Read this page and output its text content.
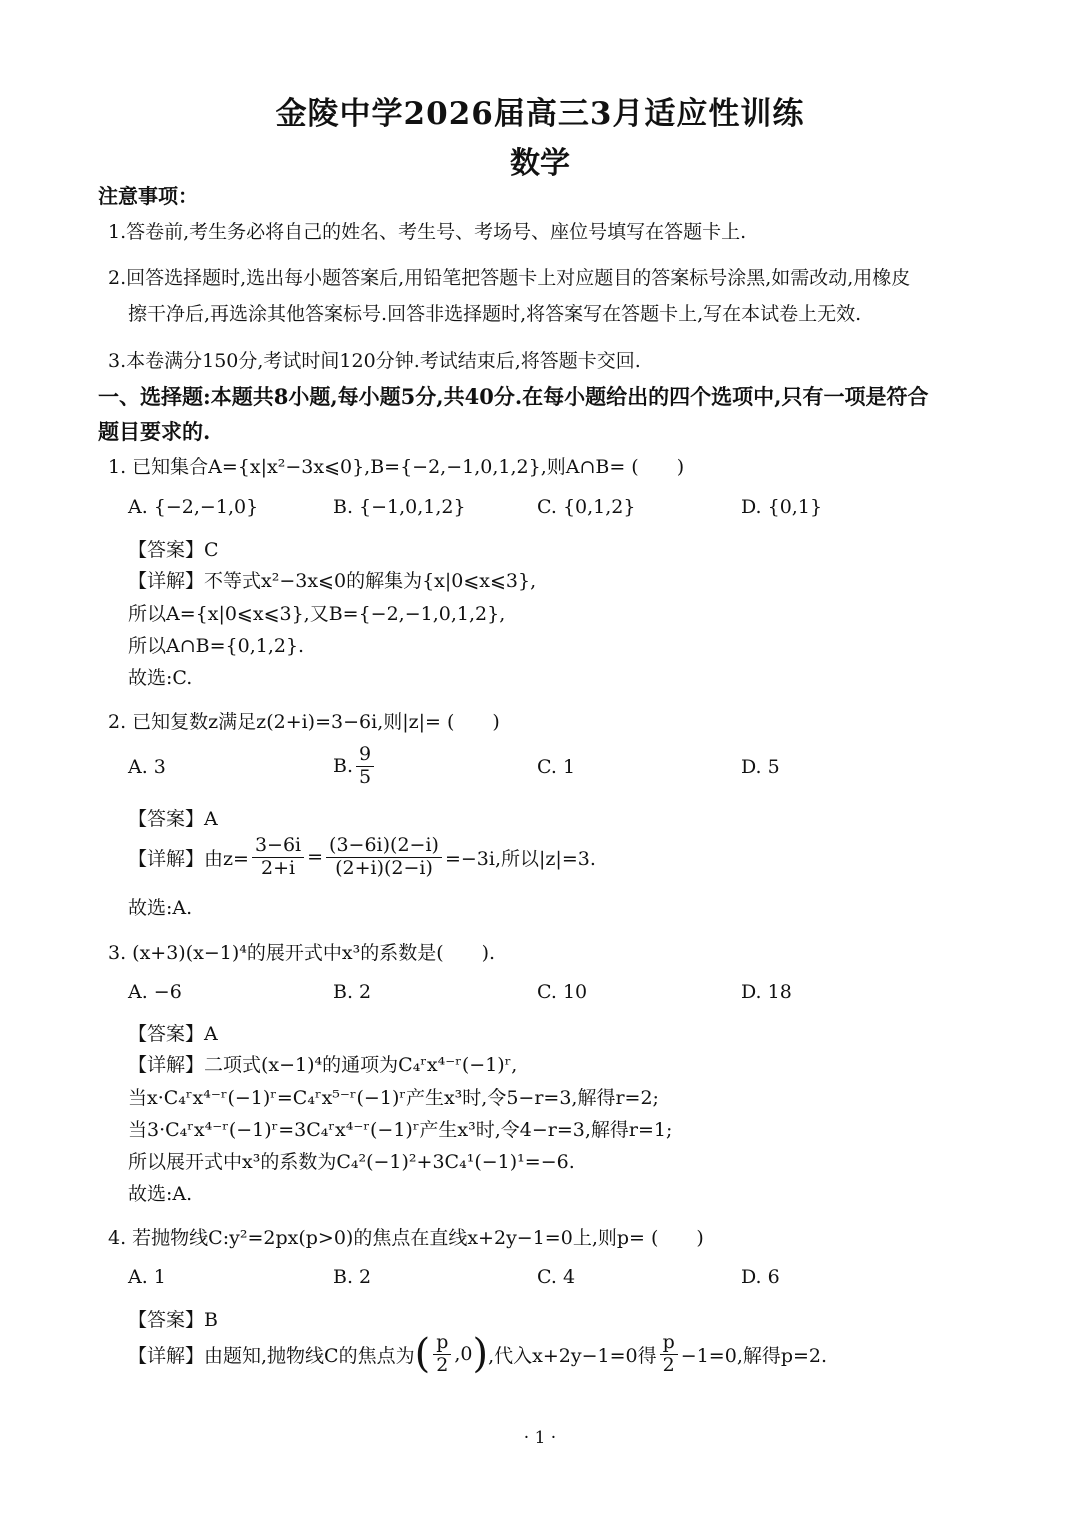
金陵中学2026届高三3月适应性训练
数学
注意事项：
1.答卷前,考生务必将自己的姓名、考生号、考场号、座位号填写在答题卡上.
2.回答选择题时,选出每小题答案后,用铅笔把答题卡上对应题目的答案标号涂黑,如需改动,用橡皮
擦干净后,再选涂其他答案标号.回答非选择题时,将答案写在答题卡上,写在本试卷上无效.
3.本卷满分150分,考试时间120分钟.考试结束后,将答题卡交回.
一、选择题:本题共8小题,每小题5分,共40分.在每小题给出的四个选项中,只有一项是符合
题目要求的.
1. 已知集合A={x|x²−3x⩽0},B={−2,−1,0,1,2},则A∩B= (　　)
A. {−2,−1,0}	B. {−1,0,1,2}	C. {0,1,2}	D. {0,1}
【答案】C
【详解】不等式x²−3x⩽0的解集为{x|0⩽x⩽3},
所以A={x|0⩽x⩽3},又B={−2,−1,0,1,2},
所以A∩B={0,1,2}.
故选:C.
2. 已知复数z满足z(2+i)=3−6i,则|z|= (　　)
A. 3	B. $\frac{9}{5}$	C. 1	D. 5
【答案】A
【详解】由$z= \frac{3-6i}{2+i} = \frac{(3-6i)(2-i)}{(2+i)(2-i)} =-3i$,所以|z|=3.
故选:A.
3. (x+3)(x−1)⁴的展开式中x³的系数是(　　).
A. −6	B. 2	C. 10	D. 18
【答案】A
【详解】二项式(x−1)⁴的通项为C₄ʳx⁴⁻ʳ(−1)ʳ,
当x·C₄ʳx⁴⁻ʳ(−1)ʳ=C₄ʳx⁵⁻ʳ(−1)ʳ产生x³时,令5−r=3,解得r=2;
当3·C₄ʳx⁴⁻ʳ(−1)ʳ=3C₄ʳx⁴⁻ʳ(−1)ʳ产生x³时,令4−r=3,解得r=1;
所以展开式中x³的系数为C₄²(−1)²+3C₄¹(−1)¹=−6.
故选:A.
4. 若抛物线C:y²=2px(p>0)的焦点在直线x+2y−1=0上,则p= (　　)
A. 1	B. 2	C. 4	D. 6
【答案】B
【详解】由题知,抛物线C的焦点为 ( $\frac{p}{2} ,0$ ) ,代入x+2y−1=0得 $\frac{p}{2} -1=0$,解得p=2.
· 1 ·
